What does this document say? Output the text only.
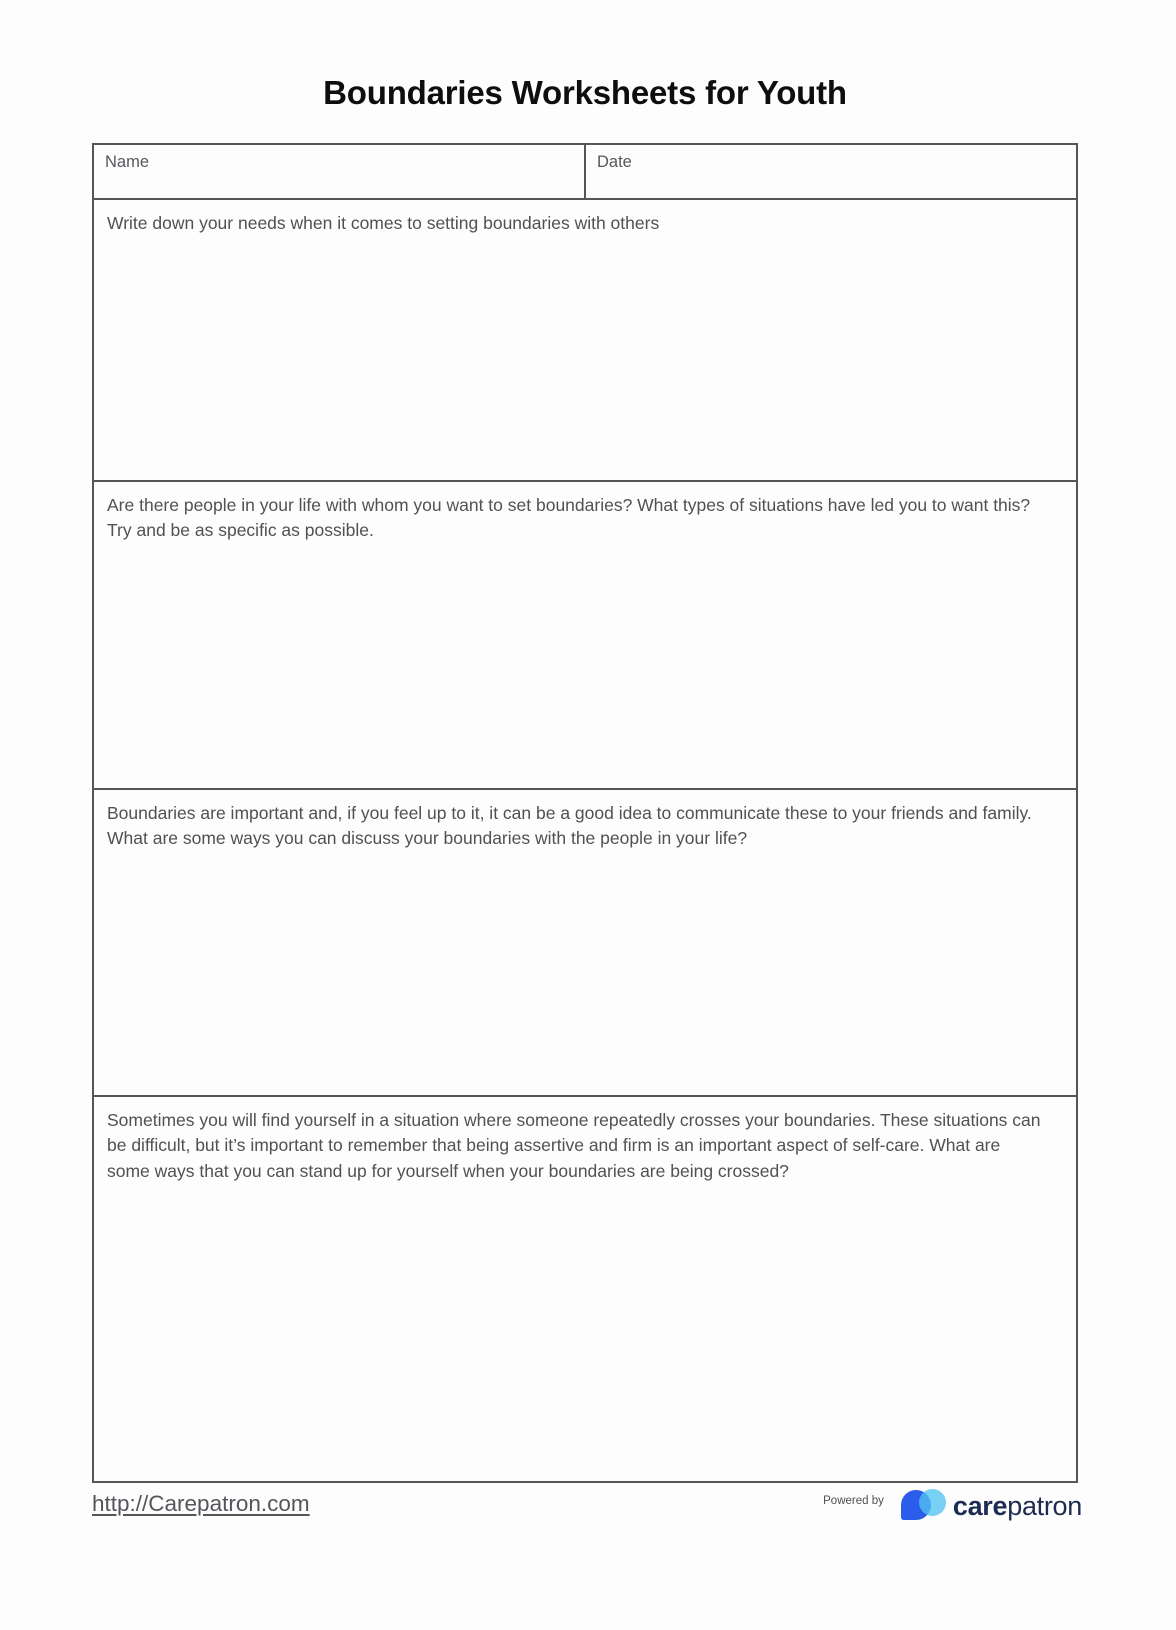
Boundaries Worksheets for Youth
Name	Date
Write down your needs when it comes to setting boundaries with others
Are there people in your life with whom you want to set boundaries? What types of situations have led you to want this? Try and be as specific as possible.
Boundaries are important and, if you feel up to it, it can be a good idea to communicate these to your friends and family. What are some ways you can discuss your boundaries with the people in your life?
Sometimes you will find yourself in a situation where someone repeatedly crosses your boundaries. These situations can be difficult, but it’s important to remember that being assertive and firm is an important aspect of self-care. What are some ways that you can stand up for yourself when your boundaries are being crossed?
http://Carepatron.com	Powered by	carepatron
